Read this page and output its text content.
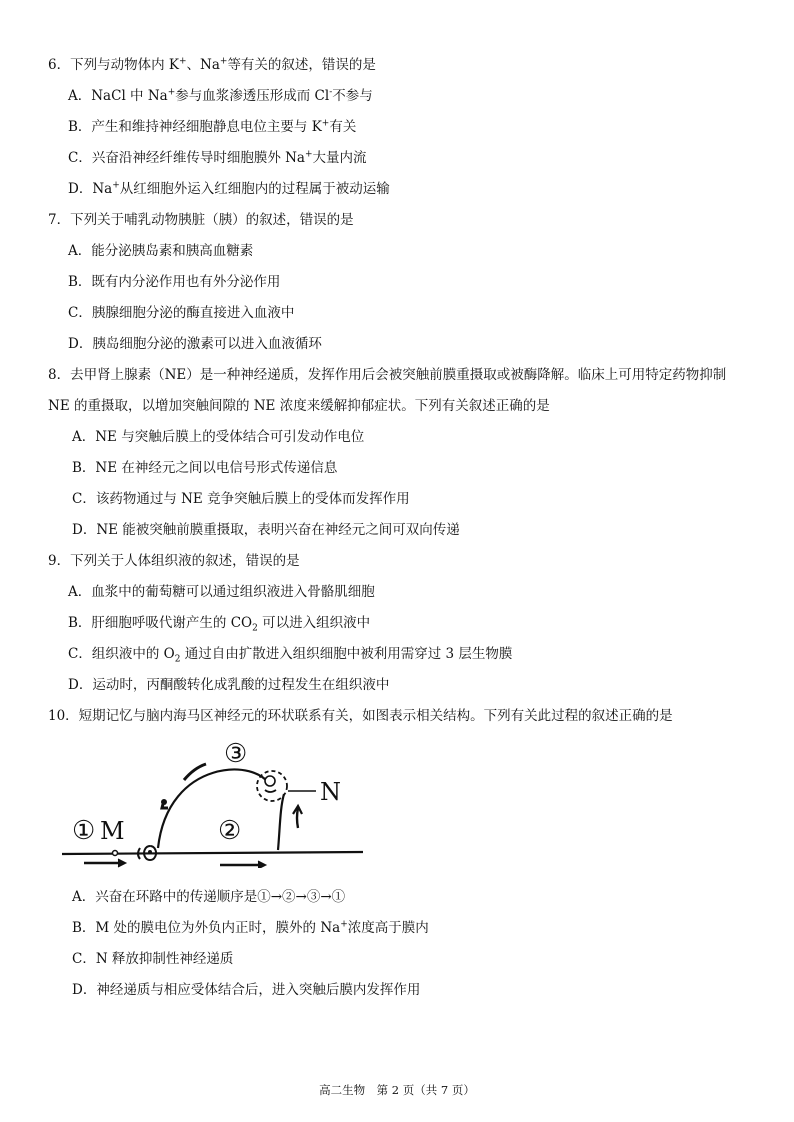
6．下列与动物体内 K+、Na+等有关的叙述，错误的是
A．NaCl 中 Na+参与血浆渗透压形成而 Cl-不参与
B．产生和维持神经细胞静息电位主要与 K+有关
C．兴奋沿神经纤维传导时细胞膜外 Na+大量内流
D．Na+从红细胞外运入红细胞内的过程属于被动运输
7．下列关于哺乳动物胰脏（胰）的叙述，错误的是
A．能分泌胰岛素和胰高血糖素
B．既有内分泌作用也有外分泌作用
C．胰腺细胞分泌的酶直接进入血液中
D．胰岛细胞分泌的激素可以进入血液循环
8．去甲肾上腺素（NE）是一种神经递质，发挥作用后会被突触前膜重摄取或被酶降解。临床上可用特定药物抑制
NE 的重摄取，以增加突触间隙的 NE 浓度来缓解抑郁症状。下列有关叙述正确的是
A．NE 与突触后膜上的受体结合可引发动作电位
B．NE 在神经元之间以电信号形式传递信息
C．该药物通过与 NE 竞争突触后膜上的受体而发挥作用
D．NE 能被突触前膜重摄取，表明兴奋在神经元之间可双向传递
9．下列关于人体组织液的叙述，错误的是
A．血浆中的葡萄糖可以通过组织液进入骨骼肌细胞
B．肝细胞呼吸代谢产生的 $CO_2$ 可以进入组织液中
C．组织液中的 $O_2$ 通过自由扩散进入组织细胞中被利用需穿过 3 层生物膜
D．运动时，丙酮酸转化成乳酸的过程发生在组织液中
10．短期记忆与脑内海马区神经元的环状联系有关，如图表示相关结构。下列有关此过程的叙述正确的是
① M	②
③
N
A．兴奋在环路中的传递顺序是①→②→③→①
B．M 处的膜电位为外负内正时，膜外的 Na+浓度高于膜内
C．N 释放抑制性神经递质
D．神经递质与相应受体结合后，进入突触后膜内发挥作用
高二生物　第 2 页（共 7 页）
